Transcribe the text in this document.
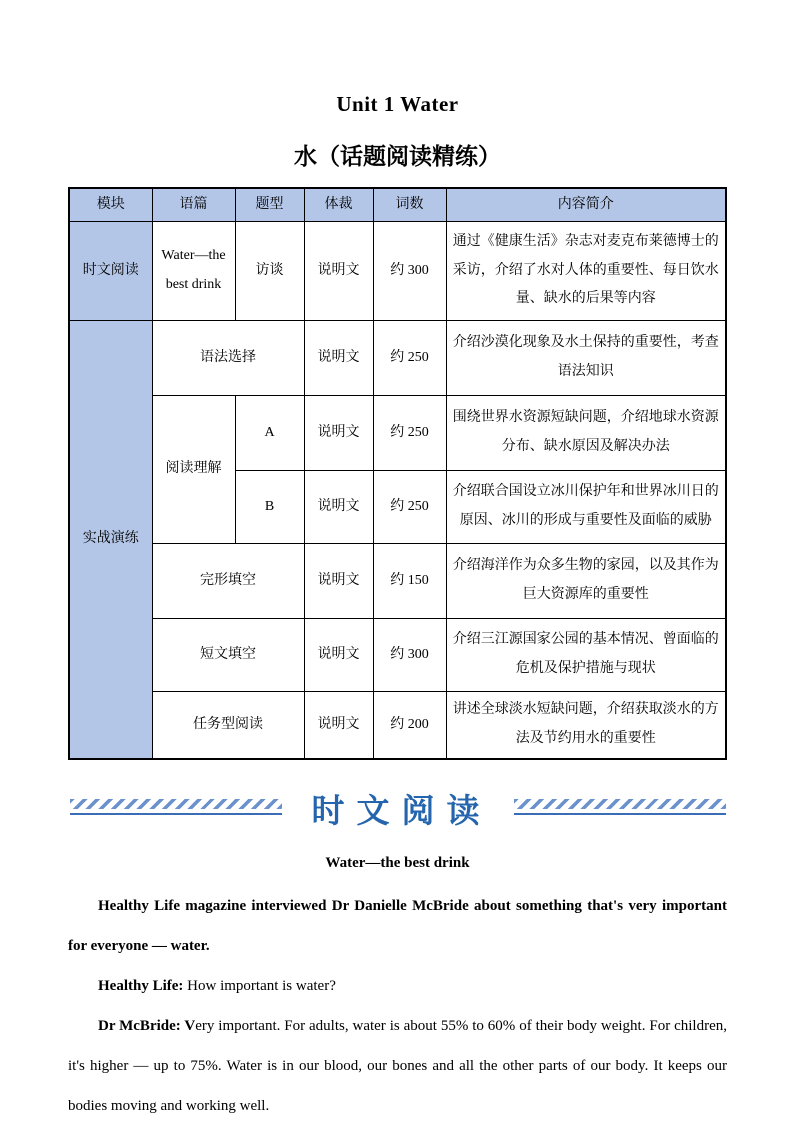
Unit 1 Water
水（话题阅读精练）
模块	语篇	题型	体裁	词数	内容简介
时文阅读	Water—the best drink	访谈	说明文	约 300	通过《健康生活》杂志对麦克布莱德博士的采访，介绍了水对人体的重要性、每日饮水量、缺水的后果等内容
实战演练	语法选择		说明文	约 250	介绍沙漠化现象及水土保持的重要性，考查语法知识
	阅读理解	A	说明文	约 250	围绕世界水资源短缺问题，介绍地球水资源分布、缺水原因及解决办法
		B	说明文	约 250	介绍联合国设立冰川保护年和世界冰川日的原因、冰川的形成与重要性及面临的威胁
	完形填空		说明文	约 150	介绍海洋作为众多生物的家园，以及其作为巨大资源库的重要性
	短文填空		说明文	约 300	介绍三江源国家公园的基本情况、曾面临的危机及保护措施与现状
	任务型阅读		说明文	约 200	讲述全球淡水短缺问题，介绍获取淡水的方法及节约用水的重要性
时文阅读

Water—the best drink

Healthy Life magazine interviewed Dr Danielle McBride about something that's very important for everyone — water.

Healthy Life: How important is water?

Dr McBride: Very important. For adults, water is about 55% to 60% of their body weight. For children, it's higher — up to 75%. Water is in our blood, our bones and all the other parts of our body. It keeps our bodies moving and working well.
